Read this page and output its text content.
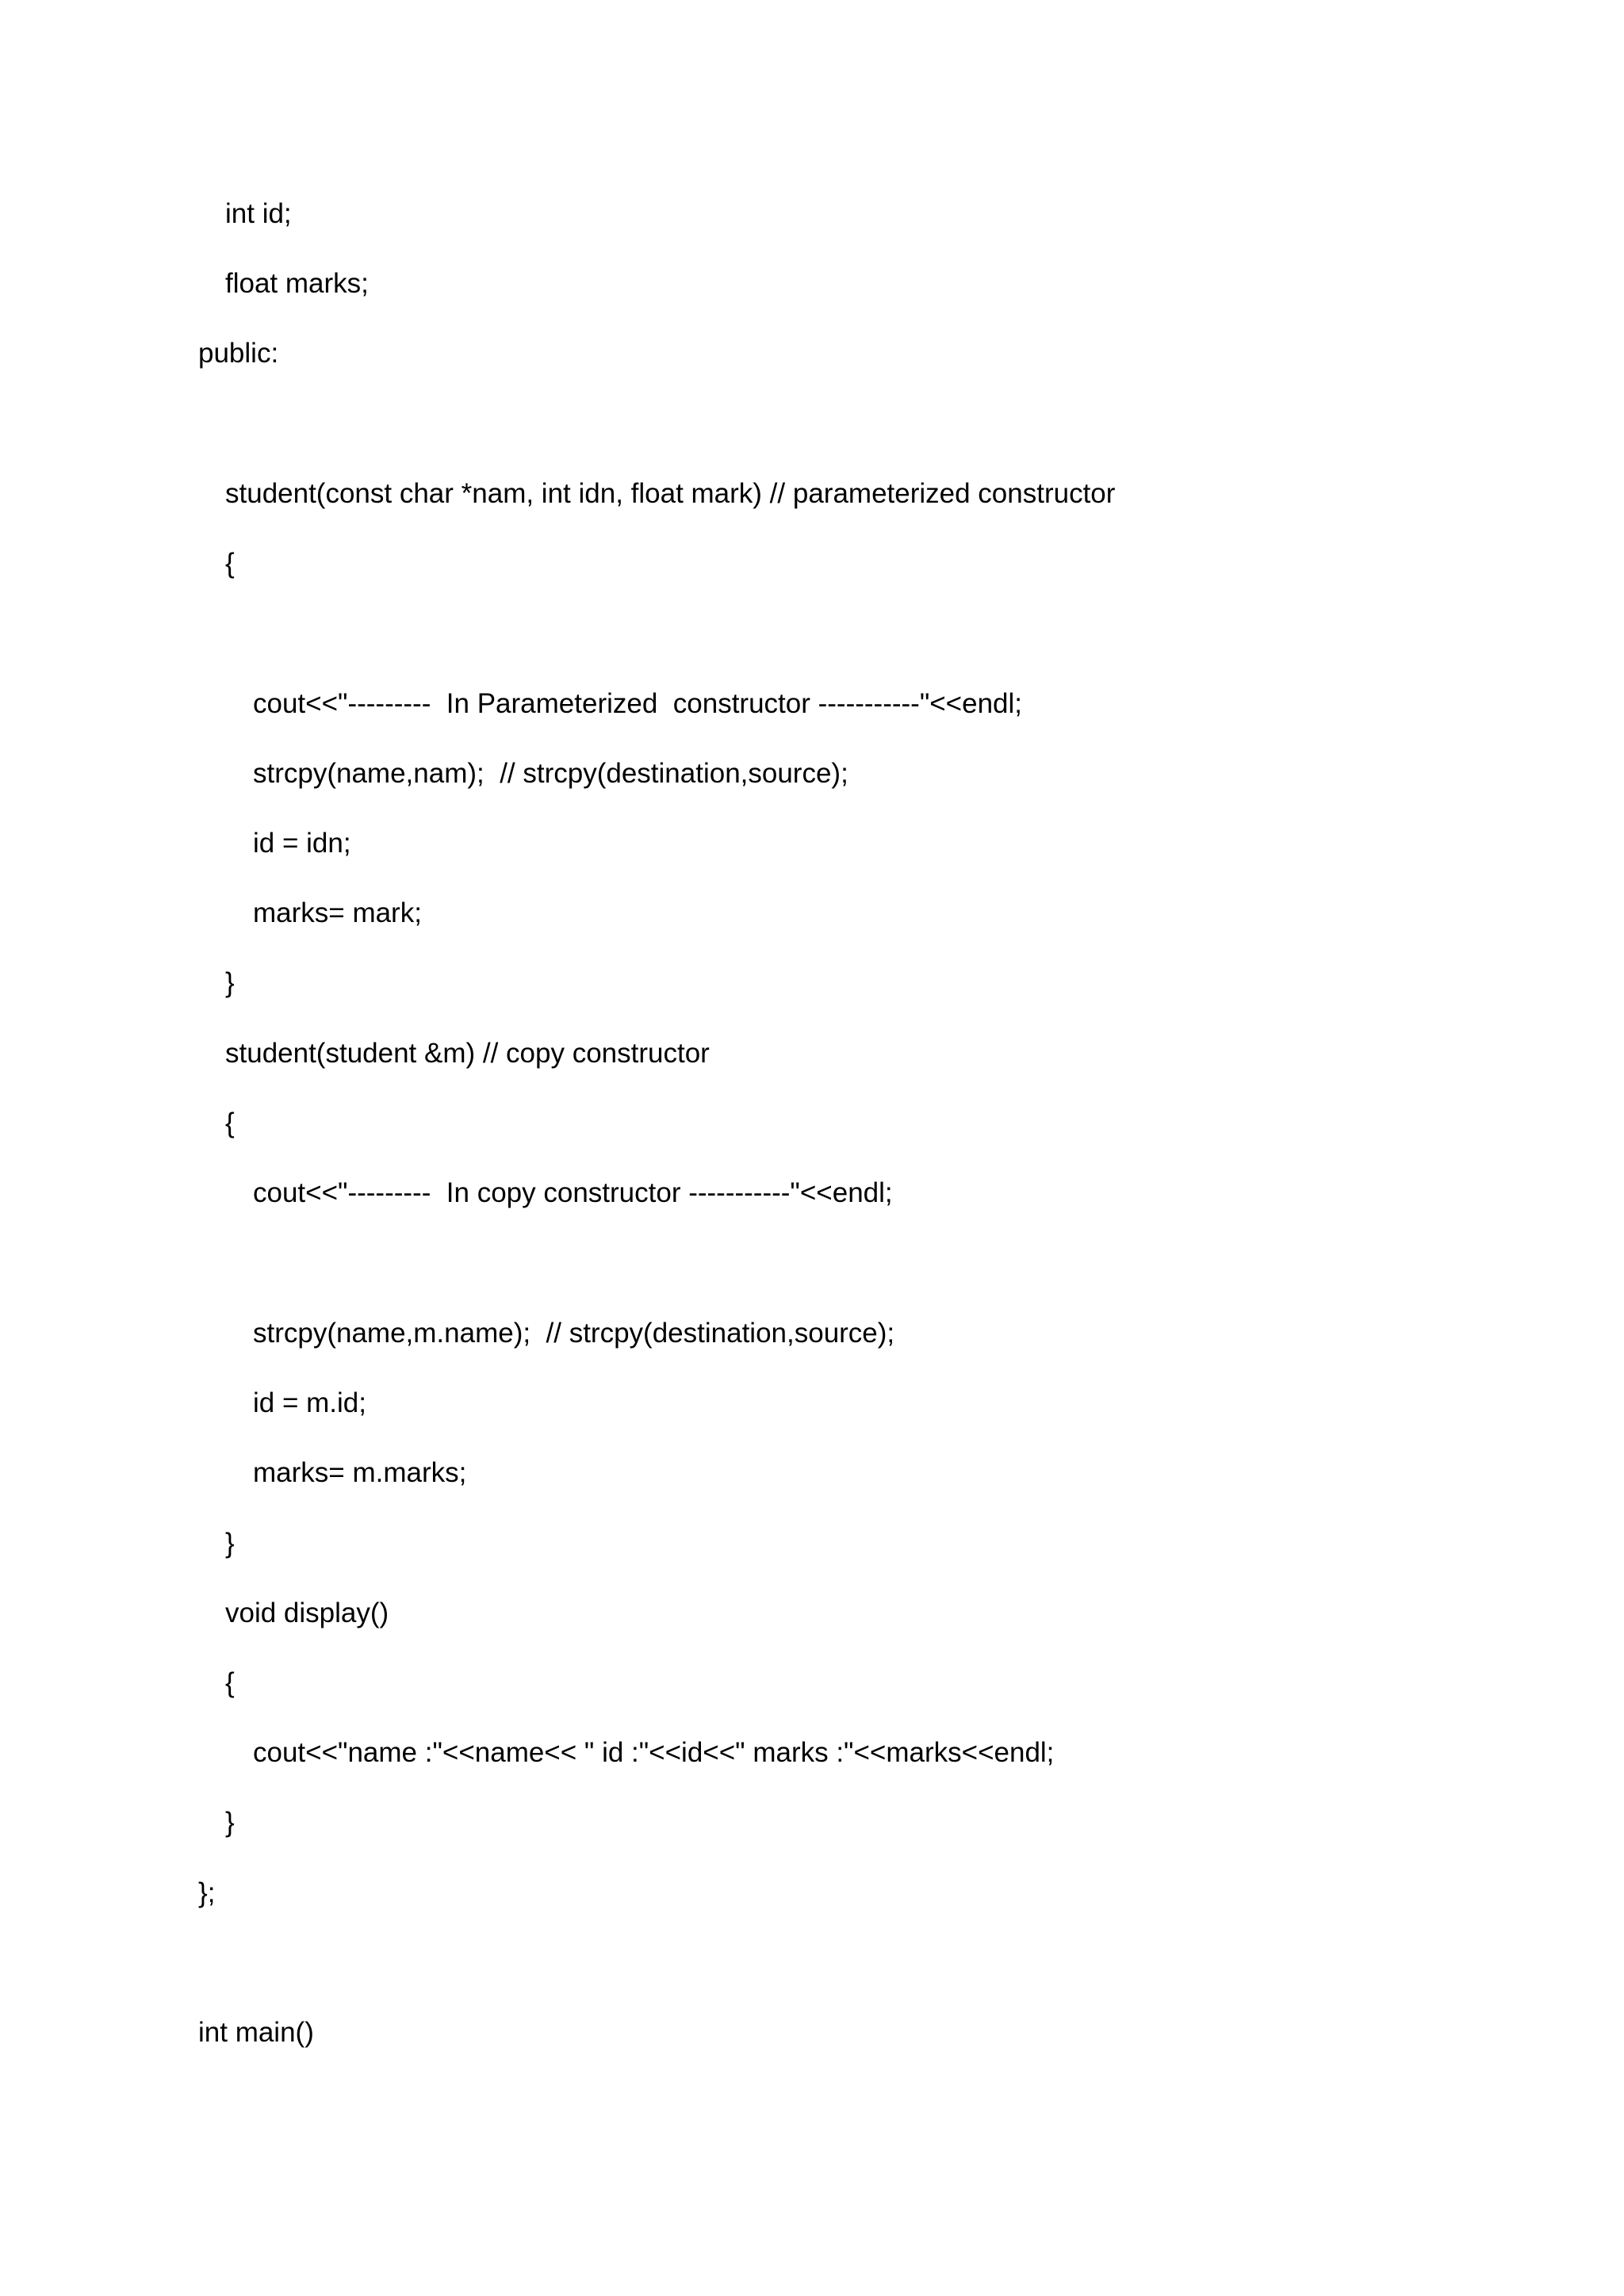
int id;
float marks;
public:
student(const char *nam, int idn, float mark) // parameterized constructor
{
cout<<"---------  In Parameterized  constructor -----------"<<endl;
strcpy(name,nam);  // strcpy(destination,source);
id = idn;
marks= mark;
}
student(student &m) // copy constructor
{
cout<<"---------  In copy constructor -----------"<<endl;
strcpy(name,m.name);  // strcpy(destination,source);
id = m.id;
marks= m.marks;
}
void display()
{
cout<<"name :"<<name<< " id :"<<id<<" marks :"<<marks<<endl;
}
};
int main()
